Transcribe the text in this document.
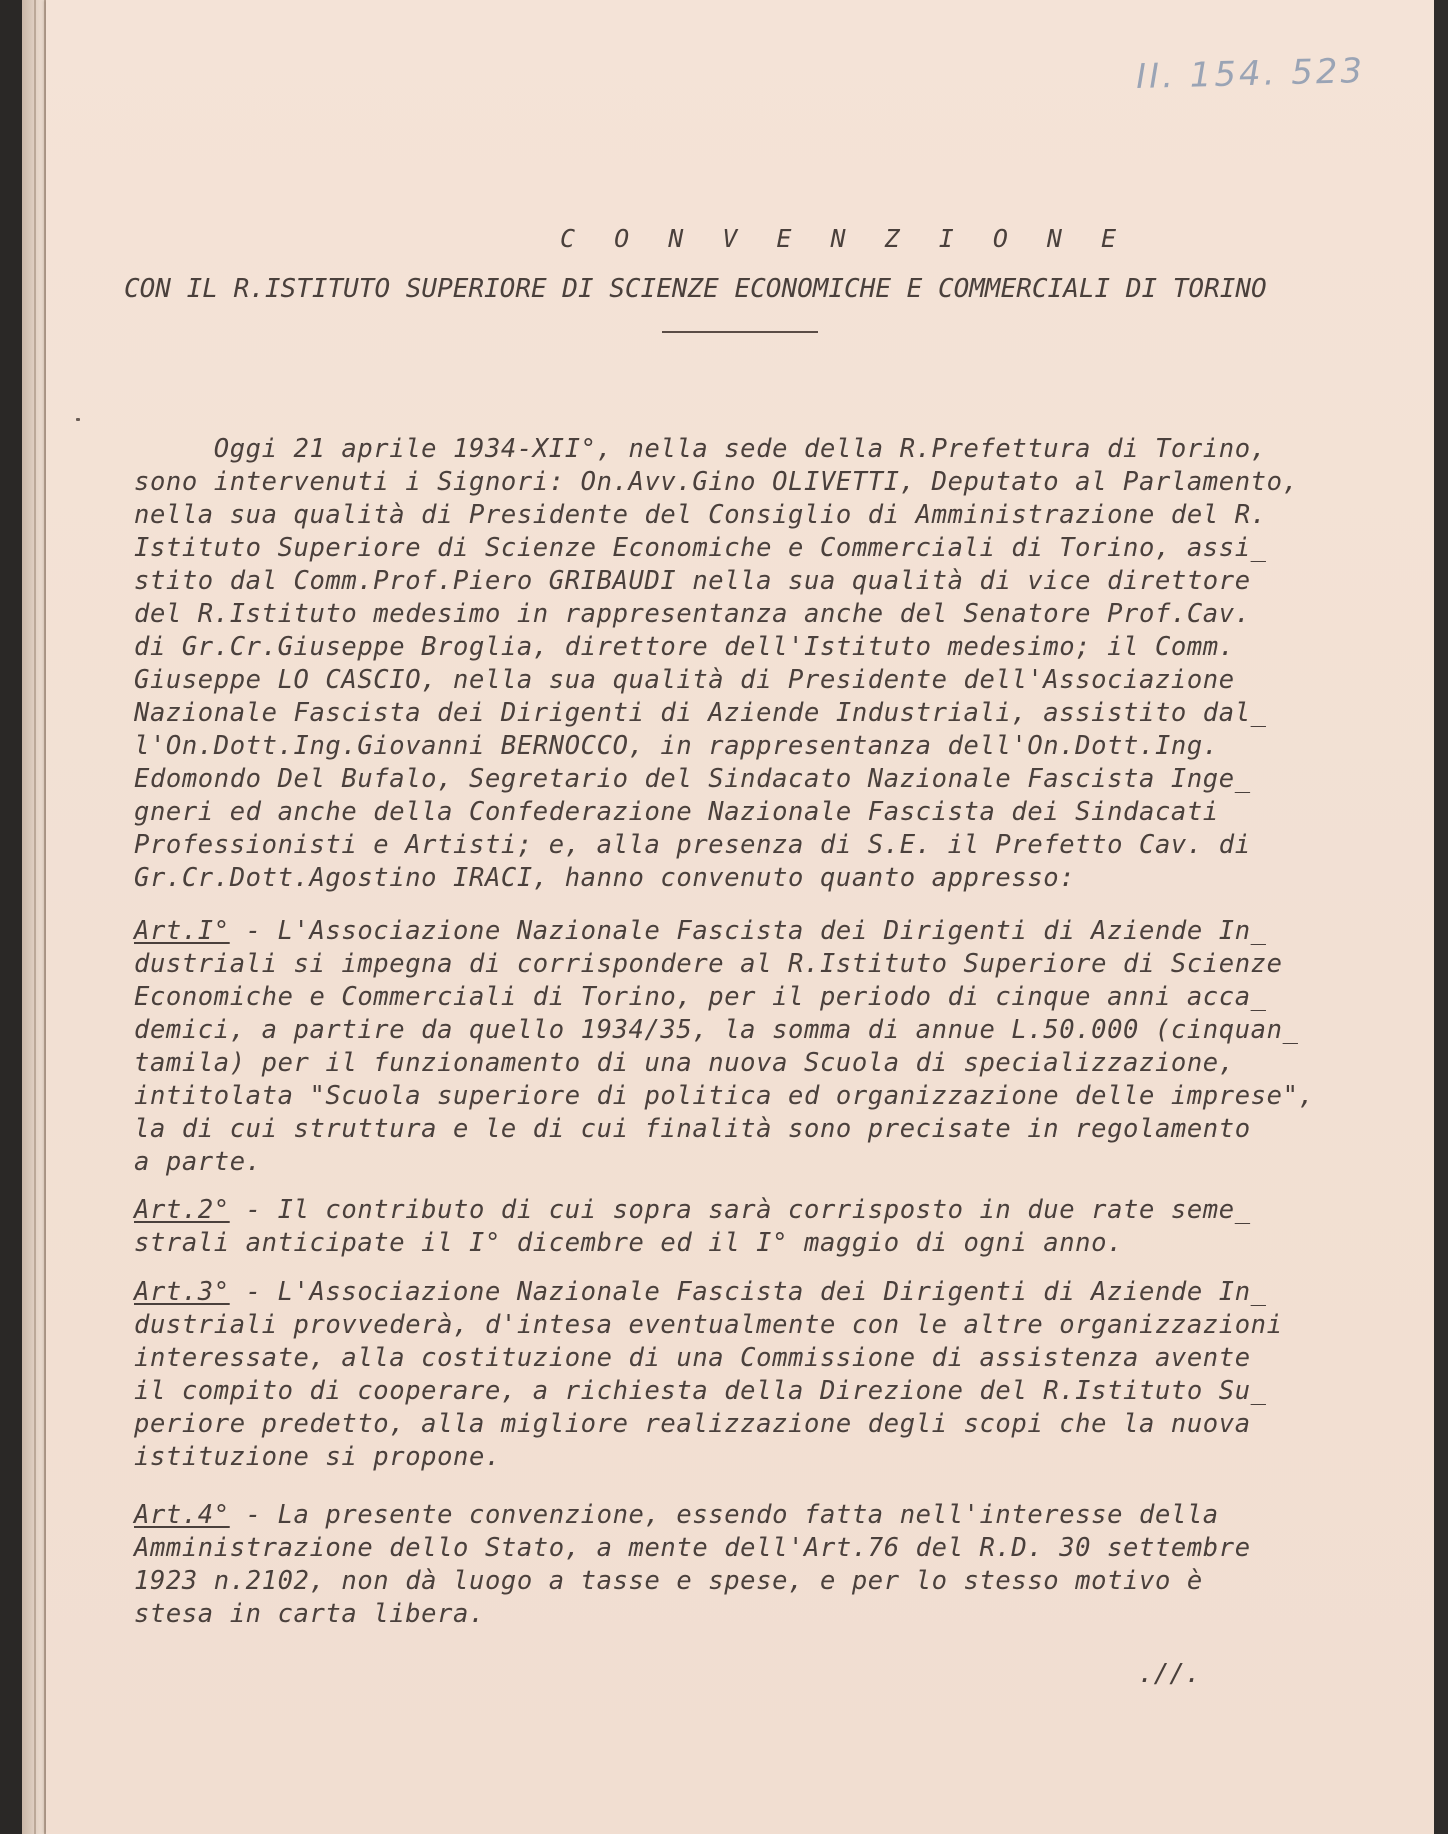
II. 154. 523
C O N V E N Z I O N E
CON IL R.ISTITUTO SUPERIORE DI SCIENZE ECONOMICHE E COMMERCIALI DI TORINO
Oggi 21 aprile 1934-XII°, nella sede della R.Prefettura di Torino,
sono intervenuti i Signori: On.Avv.Gino OLIVETTI, Deputato al Parlamento,
nella sua qualità di Presidente del Consiglio di Amministrazione del R.
Istituto Superiore di Scienze Economiche e Commerciali di Torino, assi_
stito dal Comm.Prof.Piero GRIBAUDI nella sua qualità di vice direttore
del R.Istituto medesimo in rappresentanza anche del Senatore Prof.Cav.
di Gr.Cr.Giuseppe Broglia, direttore dell'Istituto medesimo; il Comm.
Giuseppe LO CASCIO, nella sua qualità di Presidente dell'Associazione
Nazionale Fascista dei Dirigenti di Aziende Industriali, assistito dal_
l'On.Dott.Ing.Giovanni BERNOCCO, in rappresentanza dell'On.Dott.Ing.
Edomondo Del Bufalo, Segretario del Sindacato Nazionale Fascista Inge_
gneri ed anche della Confederazione Nazionale Fascista dei Sindacati
Professionisti e Artisti; e, alla presenza di S.E. il Prefetto Cav. di
Gr.Cr.Dott.Agostino IRACI, hanno convenuto quanto appresso:
Art.I° - L'Associazione Nazionale Fascista dei Dirigenti di Aziende In_
dustriali si impegna di corrispondere al R.Istituto Superiore di Scienze
Economiche e Commerciali di Torino, per il periodo di cinque anni acca_
demici, a partire da quello 1934/35, la somma di annue L.50.000 (cinquan_
tamila) per il funzionamento di una nuova Scuola di specializzazione,
intitolata "Scuola superiore di politica ed organizzazione delle imprese",
la di cui struttura e le di cui finalità sono precisate in regolamento
a parte.
Art.2° - Il contributo di cui sopra sarà corrisposto in due rate seme_
strali anticipate il I° dicembre ed il I° maggio di ogni anno.
Art.3° - L'Associazione Nazionale Fascista dei Dirigenti di Aziende In_
dustriali provvederà, d'intesa eventualmente con le altre organizzazioni
interessate, alla costituzione di una Commissione di assistenza avente
il compito di cooperare, a richiesta della Direzione del R.Istituto Su_
periore predetto, alla migliore realizzazione degli scopi che la nuova
istituzione si propone.
Art.4° - La presente convenzione, essendo fatta nell'interesse della
Amministrazione dello Stato, a mente dell'Art.76 del R.D. 30 settembre
1923 n.2102, non dà luogo a tasse e spese, e per lo stesso motivo è
stesa in carta libera.
.//.
